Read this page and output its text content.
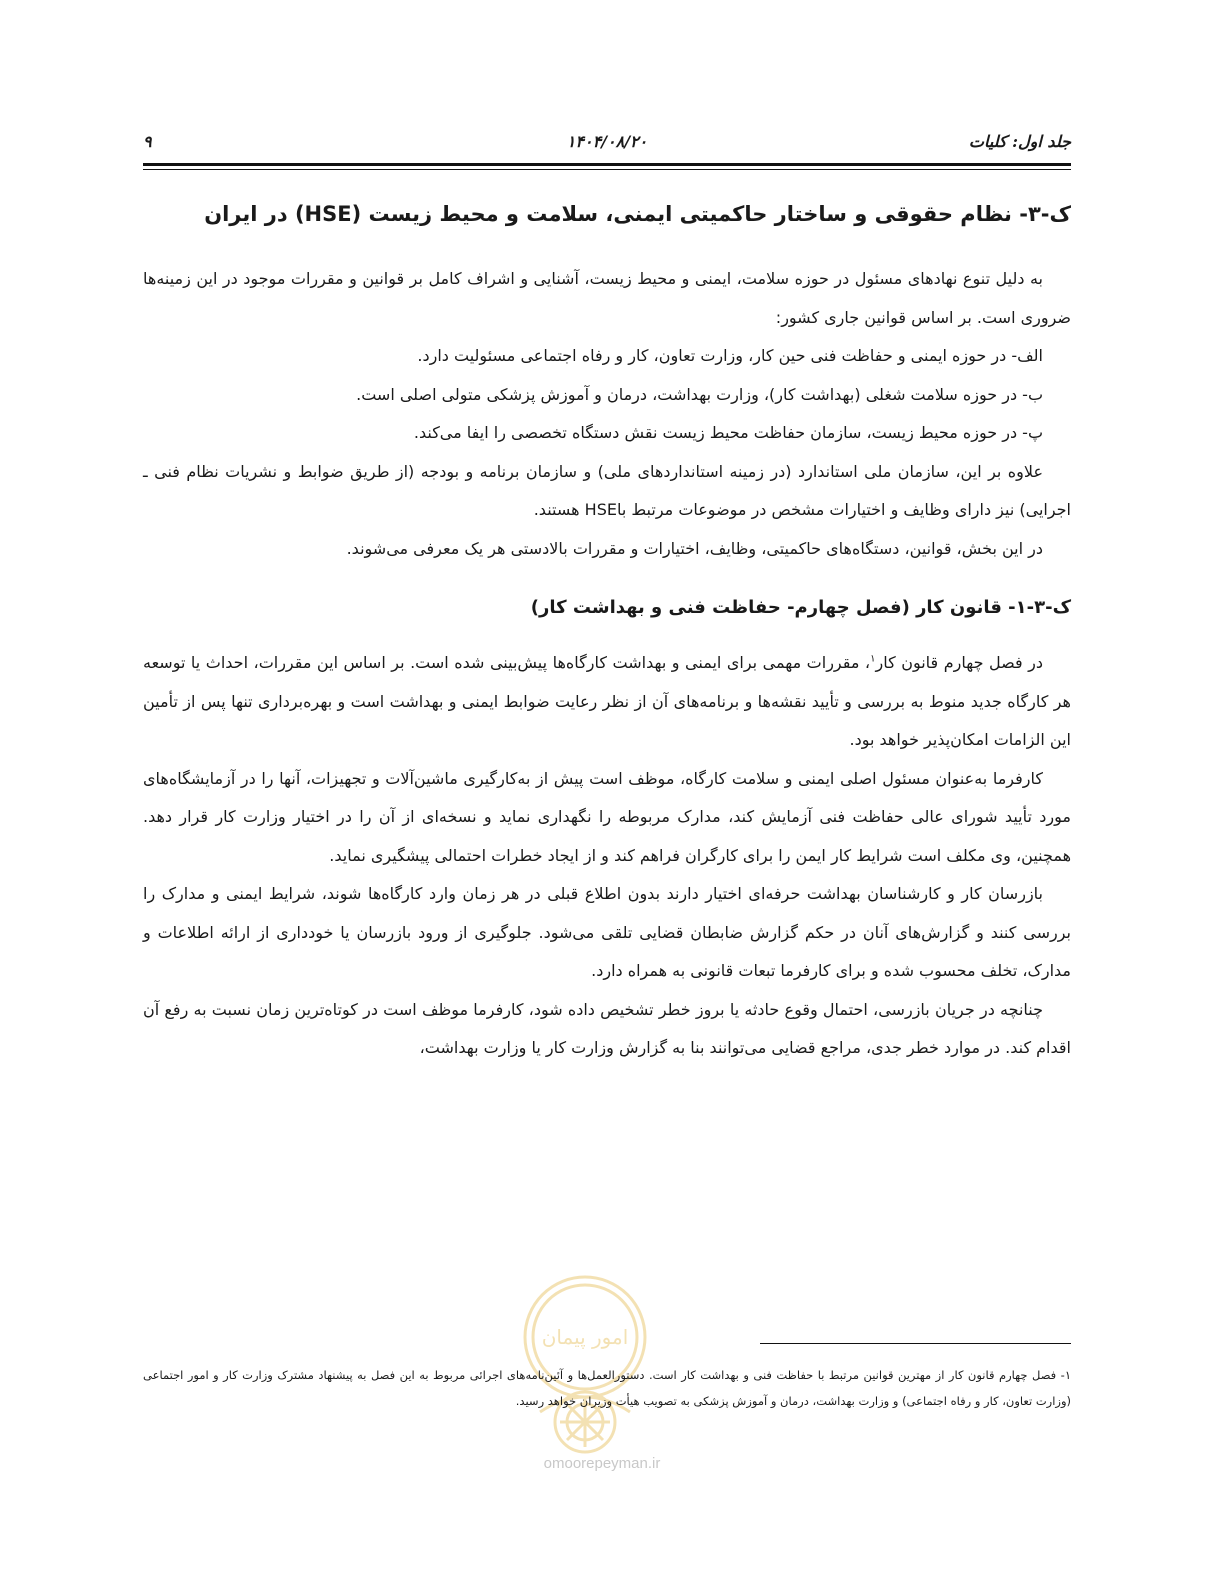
جلد اول: کلیات
۱۴۰۴/۰۸/۲۰
۹
ک-۳- نظام حقوقی و ساختار حاکمیتی ایمنی، سلامت و محیط زیست (HSE) در ایران

به دلیل تنوع نهادهای مسئول در حوزه سلامت، ایمنی و محیط زیست، آشنایی و اشراف کامل بر قوانین و مقررات موجود در این زمینه‌ها ضروری است. بر اساس قوانین جاری کشور:

الف- در حوزه ایمنی و حفاظت فنی حین کار، وزارت تعاون، کار و رفاه اجتماعی مسئولیت دارد.

ب- در حوزه سلامت شغلی (بهداشت کار)، وزارت بهداشت، درمان و آموزش پزشکی متولی اصلی است.

پ- در حوزه محیط زیست، سازمان حفاظت محیط زیست نقش دستگاه تخصصی را ایفا می‌کند.

علاوه بر این، سازمان ملی استاندارد (در زمینه استانداردهای ملی) و سازمان برنامه و بودجه (از طریق ضوابط و نشریات نظام فنی ـ اجرایی) نیز دارای وظایف و اختیارات مشخص در موضوعات مرتبط باHSE هستند.

در این بخش، قوانین، دستگاه‌های حاکمیتی، وظایف، اختیارات و مقررات بالادستی هر یک معرفی می‌شوند.

ک-۳-۱- قانون کار (فصل چهارم- حفاظت فنی و بهداشت کار)

در فصل چهارم قانون کار$^۱$، مقررات مهمی برای ایمنی و بهداشت کارگاه‌ها پیش‌بینی شده است. بر اساس این مقررات، احداث یا توسعه هر کارگاه جدید منوط به بررسی و تأیید نقشه‌ها و برنامه‌های آن از نظر رعایت ضوابط ایمنی و بهداشت است و بهره‌برداری تنها پس از تأمین این الزامات امکان‌پذیر خواهد بود.

کارفرما به‌عنوان مسئول اصلی ایمنی و سلامت کارگاه، موظف است پیش از به‌کارگیری ماشین‌آلات و تجهیزات، آنها را در آزمایشگاه‌های مورد تأیید شورای عالی حفاظت فنی آزمایش کند، مدارک مربوطه را نگهداری نماید و نسخه‌ای از آن را در اختیار وزارت کار قرار دهد. همچنین، وی مکلف است شرایط کار ایمن را برای کارگران فراهم کند و از ایجاد خطرات احتمالی پیشگیری نماید.

بازرسان کار و کارشناسان بهداشت حرفه‌ای اختیار دارند بدون اطلاع قبلی در هر زمان وارد کارگاه‌ها شوند، شرایط ایمنی و مدارک را بررسی کنند و گزارش‌های آنان در حکم گزارش ضابطان قضایی تلقی می‌شود. جلوگیری از ورود بازرسان یا خودداری از ارائه اطلاعات و مدارک، تخلف محسوب شده و برای کارفرما تبعات قانونی به همراه دارد.

چنانچه در جریان بازرسی، احتمال وقوع حادثه یا بروز خطر تشخیص داده شود، کارفرما موظف است در کوتاه‌ترین زمان نسبت به رفع آن اقدام کند. در موارد خطر جدی، مراجع قضایی می‌توانند بنا به گزارش وزارت کار یا وزارت بهداشت،

امور پیمان
omoorepeyman.ir
۱- فصل چهارم قانون کار از مهترین قوانین مرتبط با حفاظت فنی و بهداشت کار است. دستورالعمل‌ها و آئین‌نامه‌های اجرائی مربوط به این فصل به پیشنهاد مشترک وزارت کار و امور اجتماعی (وزارت تعاون، کار و رفاه اجتماعی) و وزارت بهداشت، درمان و آموزش پزشکی به تصویب هیأت وزیران خواهد رسید.
